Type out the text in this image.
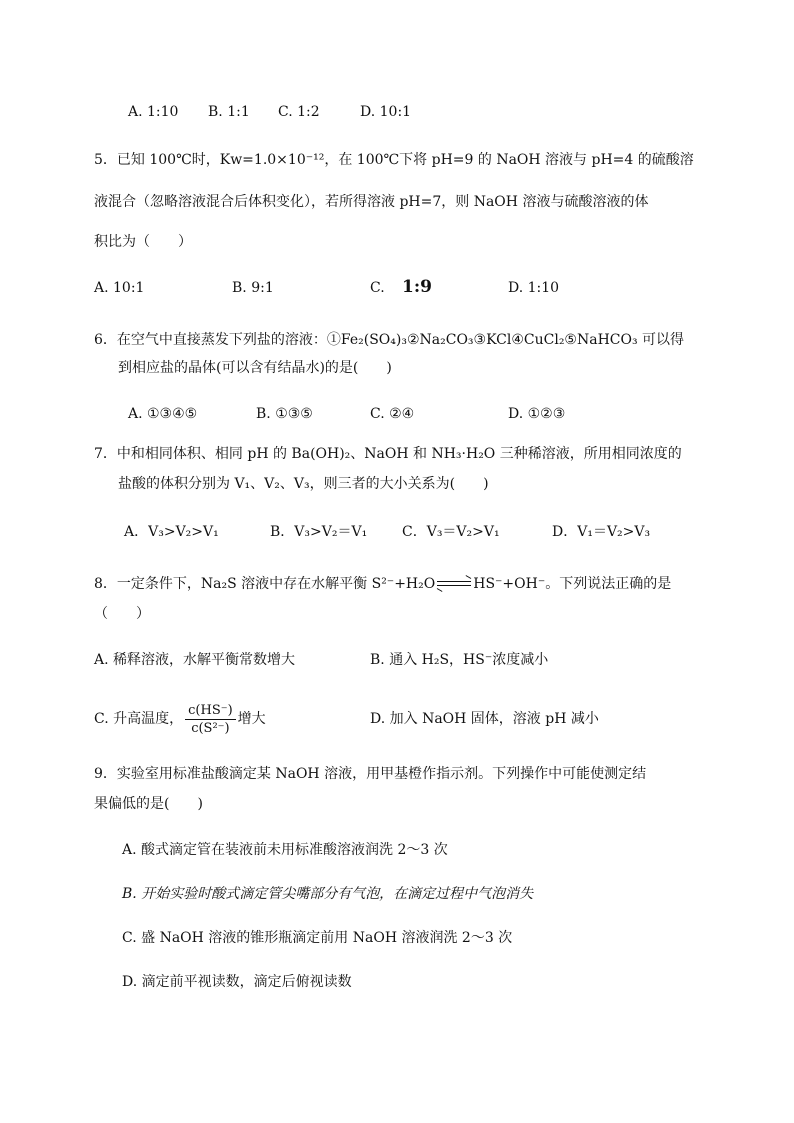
A. 1:10 B. 1:1 C. 1:2	D. 10:1
5．已知 100℃时，Kw=1.0×10⁻¹²，在 100℃下将 pH=9 的 NaOH 溶液与 pH=4 的硫酸溶
液混合（忽略溶液混合后体积变化），若所得溶液 pH=7，则 NaOH 溶液与硫酸溶液的体
积比为（　　）
A. 10:1	B. 9:1	C. 1:9	D. 1:10
6．在空气中直接蒸发下列盐的溶液：①Fe₂(SO₄)₃②Na₂CO₃③KCl④CuCl₂⑤NaHCO₃ 可以得
到相应盐的晶体(可以含有结晶水)的是(　　)
A. ①③④⑤	B. ①③⑤	C. ②④	D. ①②③
7．中和相同体积、相同 pH 的 Ba(OH)₂、NaOH 和 NH₃·H₂O 三种稀溶液，所用相同浓度的
盐酸的体积分别为 V₁、V₂、V₃，则三者的大小关系为(　　)
A．V₃>V₂>V₁	B．V₃>V₂＝V₁ C．V₃＝V₂>V₁	D．V₁＝V₂>V₃
8．一定条件下，Na₂S 溶液中存在水解平衡 S²⁻+H₂O	HS⁻+OH⁻。下列说法正确的是
（　　）
A. 稀释溶液，水解平衡常数增大	B. 通入 H₂S，HS⁻浓度减小
C. 升高温度， $\frac{c(HS^-)}{\text{c(S²⁻)}}$ 增大	D. 加入 NaOH 固体，溶液 pH 减小
9．实验室用标准盐酸滴定某 NaOH 溶液，用甲基橙作指示剂。下列操作中可能使测定结
果偏低的是(　　)
A. 酸式滴定管在装液前未用标准酸溶液润洗 2～3 次
B. 开始实验时酸式滴定管尖嘴部分有气泡，在滴定过程中气泡消失
C. 盛 NaOH 溶液的锥形瓶滴定前用 NaOH 溶液润洗 2～3 次
D. 滴定前平视读数，滴定后俯视读数
